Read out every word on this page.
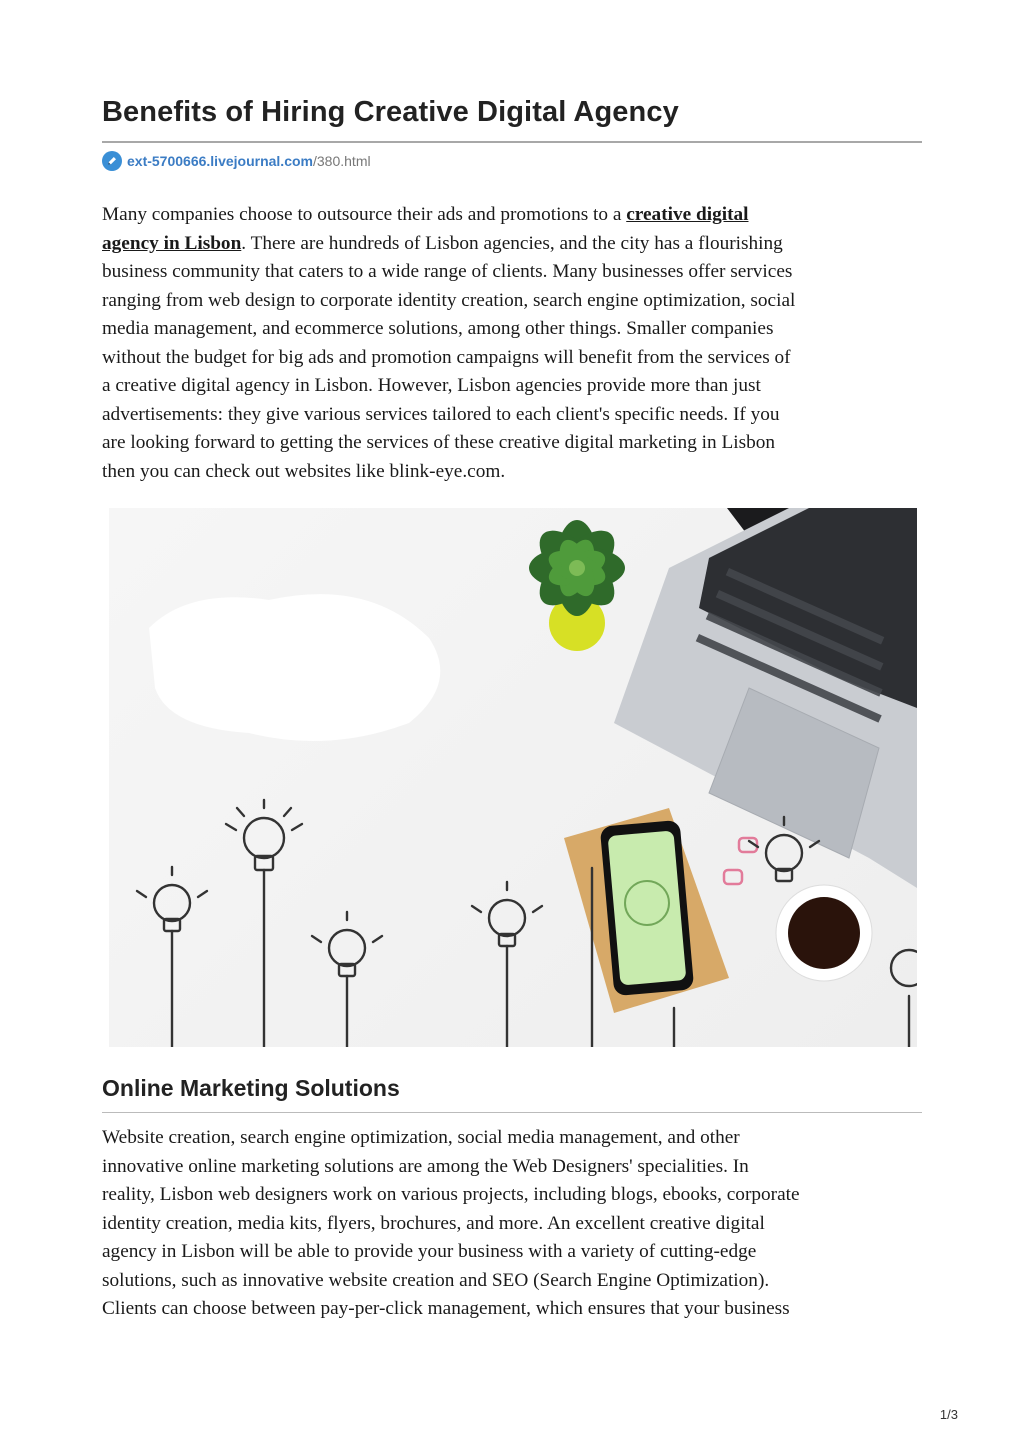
Benefits of Hiring Creative Digital Agency
ext-5700666.livejournal.com/380.html

Many companies choose to outsource their ads and promotions to a creative digital
agency in Lisbon. There are hundreds of Lisbon agencies, and the city has a flourishing
business community that caters to a wide range of clients. Many businesses offer services
ranging from web design to corporate identity creation, search engine optimization, social
media management, and ecommerce solutions, among other things. Smaller companies
without the budget for big ads and promotion campaigns will benefit from the services of
a creative digital agency in Lisbon. However, Lisbon agencies provide more than just
advertisements: they give various services tailored to each client's specific needs. If you
are looking forward to getting the services of these creative digital marketing in Lisbon
then you can check out websites like blink-eye.com.

Online Marketing Solutions

Website creation, search engine optimization, social media management, and other
innovative online marketing solutions are among the Web Designers' specialities. In
reality, Lisbon web designers work on various projects, including blogs, ebooks, corporate
identity creation, media kits, flyers, brochures, and more. An excellent creative digital
agency in Lisbon will be able to provide your business with a variety of cutting-edge
solutions, such as innovative website creation and SEO (Search Engine Optimization).
Clients can choose between pay-per-click management, which ensures that your business

1/3
